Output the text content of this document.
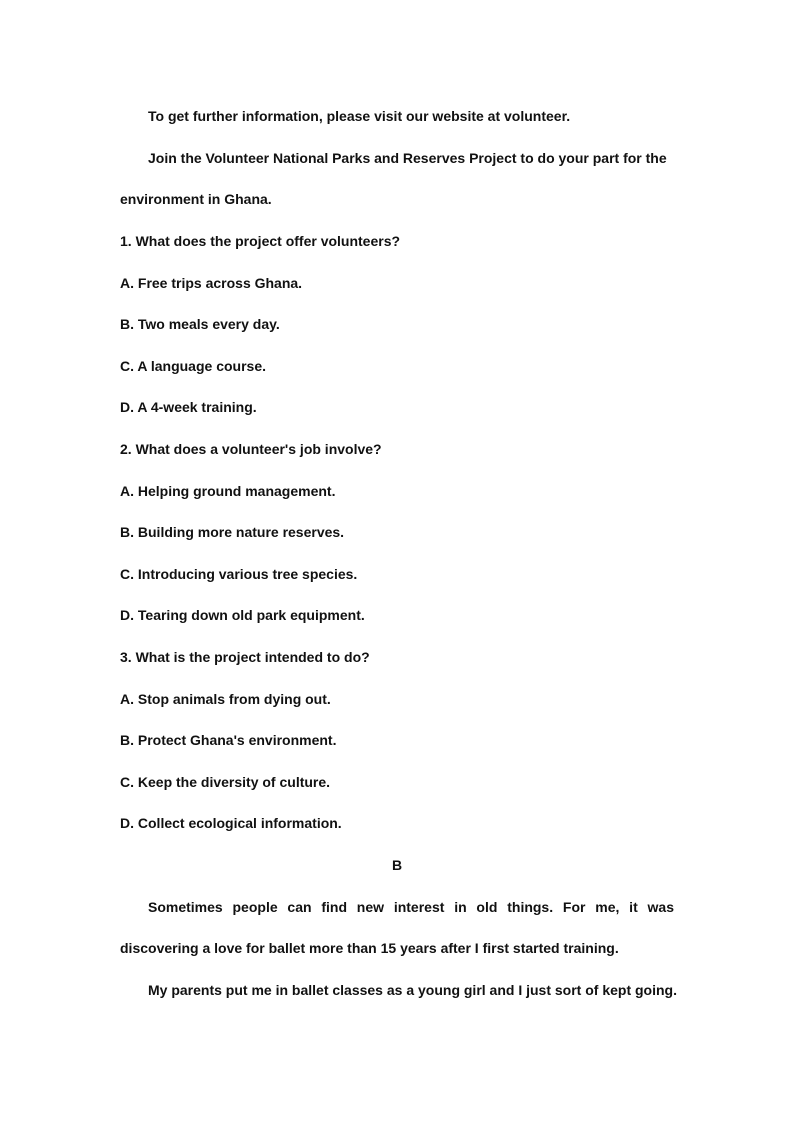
To get further information, please visit our website at volunteer.
Join the Volunteer National Parks and Reserves Project to do your part for the
environment in Ghana.
1. What does the project offer volunteers?
A. Free trips across Ghana.
B. Two meals every day.
C. A language course.
D. A 4-week training.
2. What does a volunteer's job involve?
A. Helping ground management.
B. Building more nature reserves.
C. Introducing various tree species.
D. Tearing down old park equipment.
3. What is the project intended to do?
A. Stop animals from dying out.
B. Protect Ghana's environment.
C. Keep the diversity of culture.
D. Collect ecological information.
B
Sometimes people can find new interest in old things. For me, it was
discovering a love for ballet more than 15 years after I first started training.
My parents put me in ballet classes as a young girl and I just sort of kept going.
